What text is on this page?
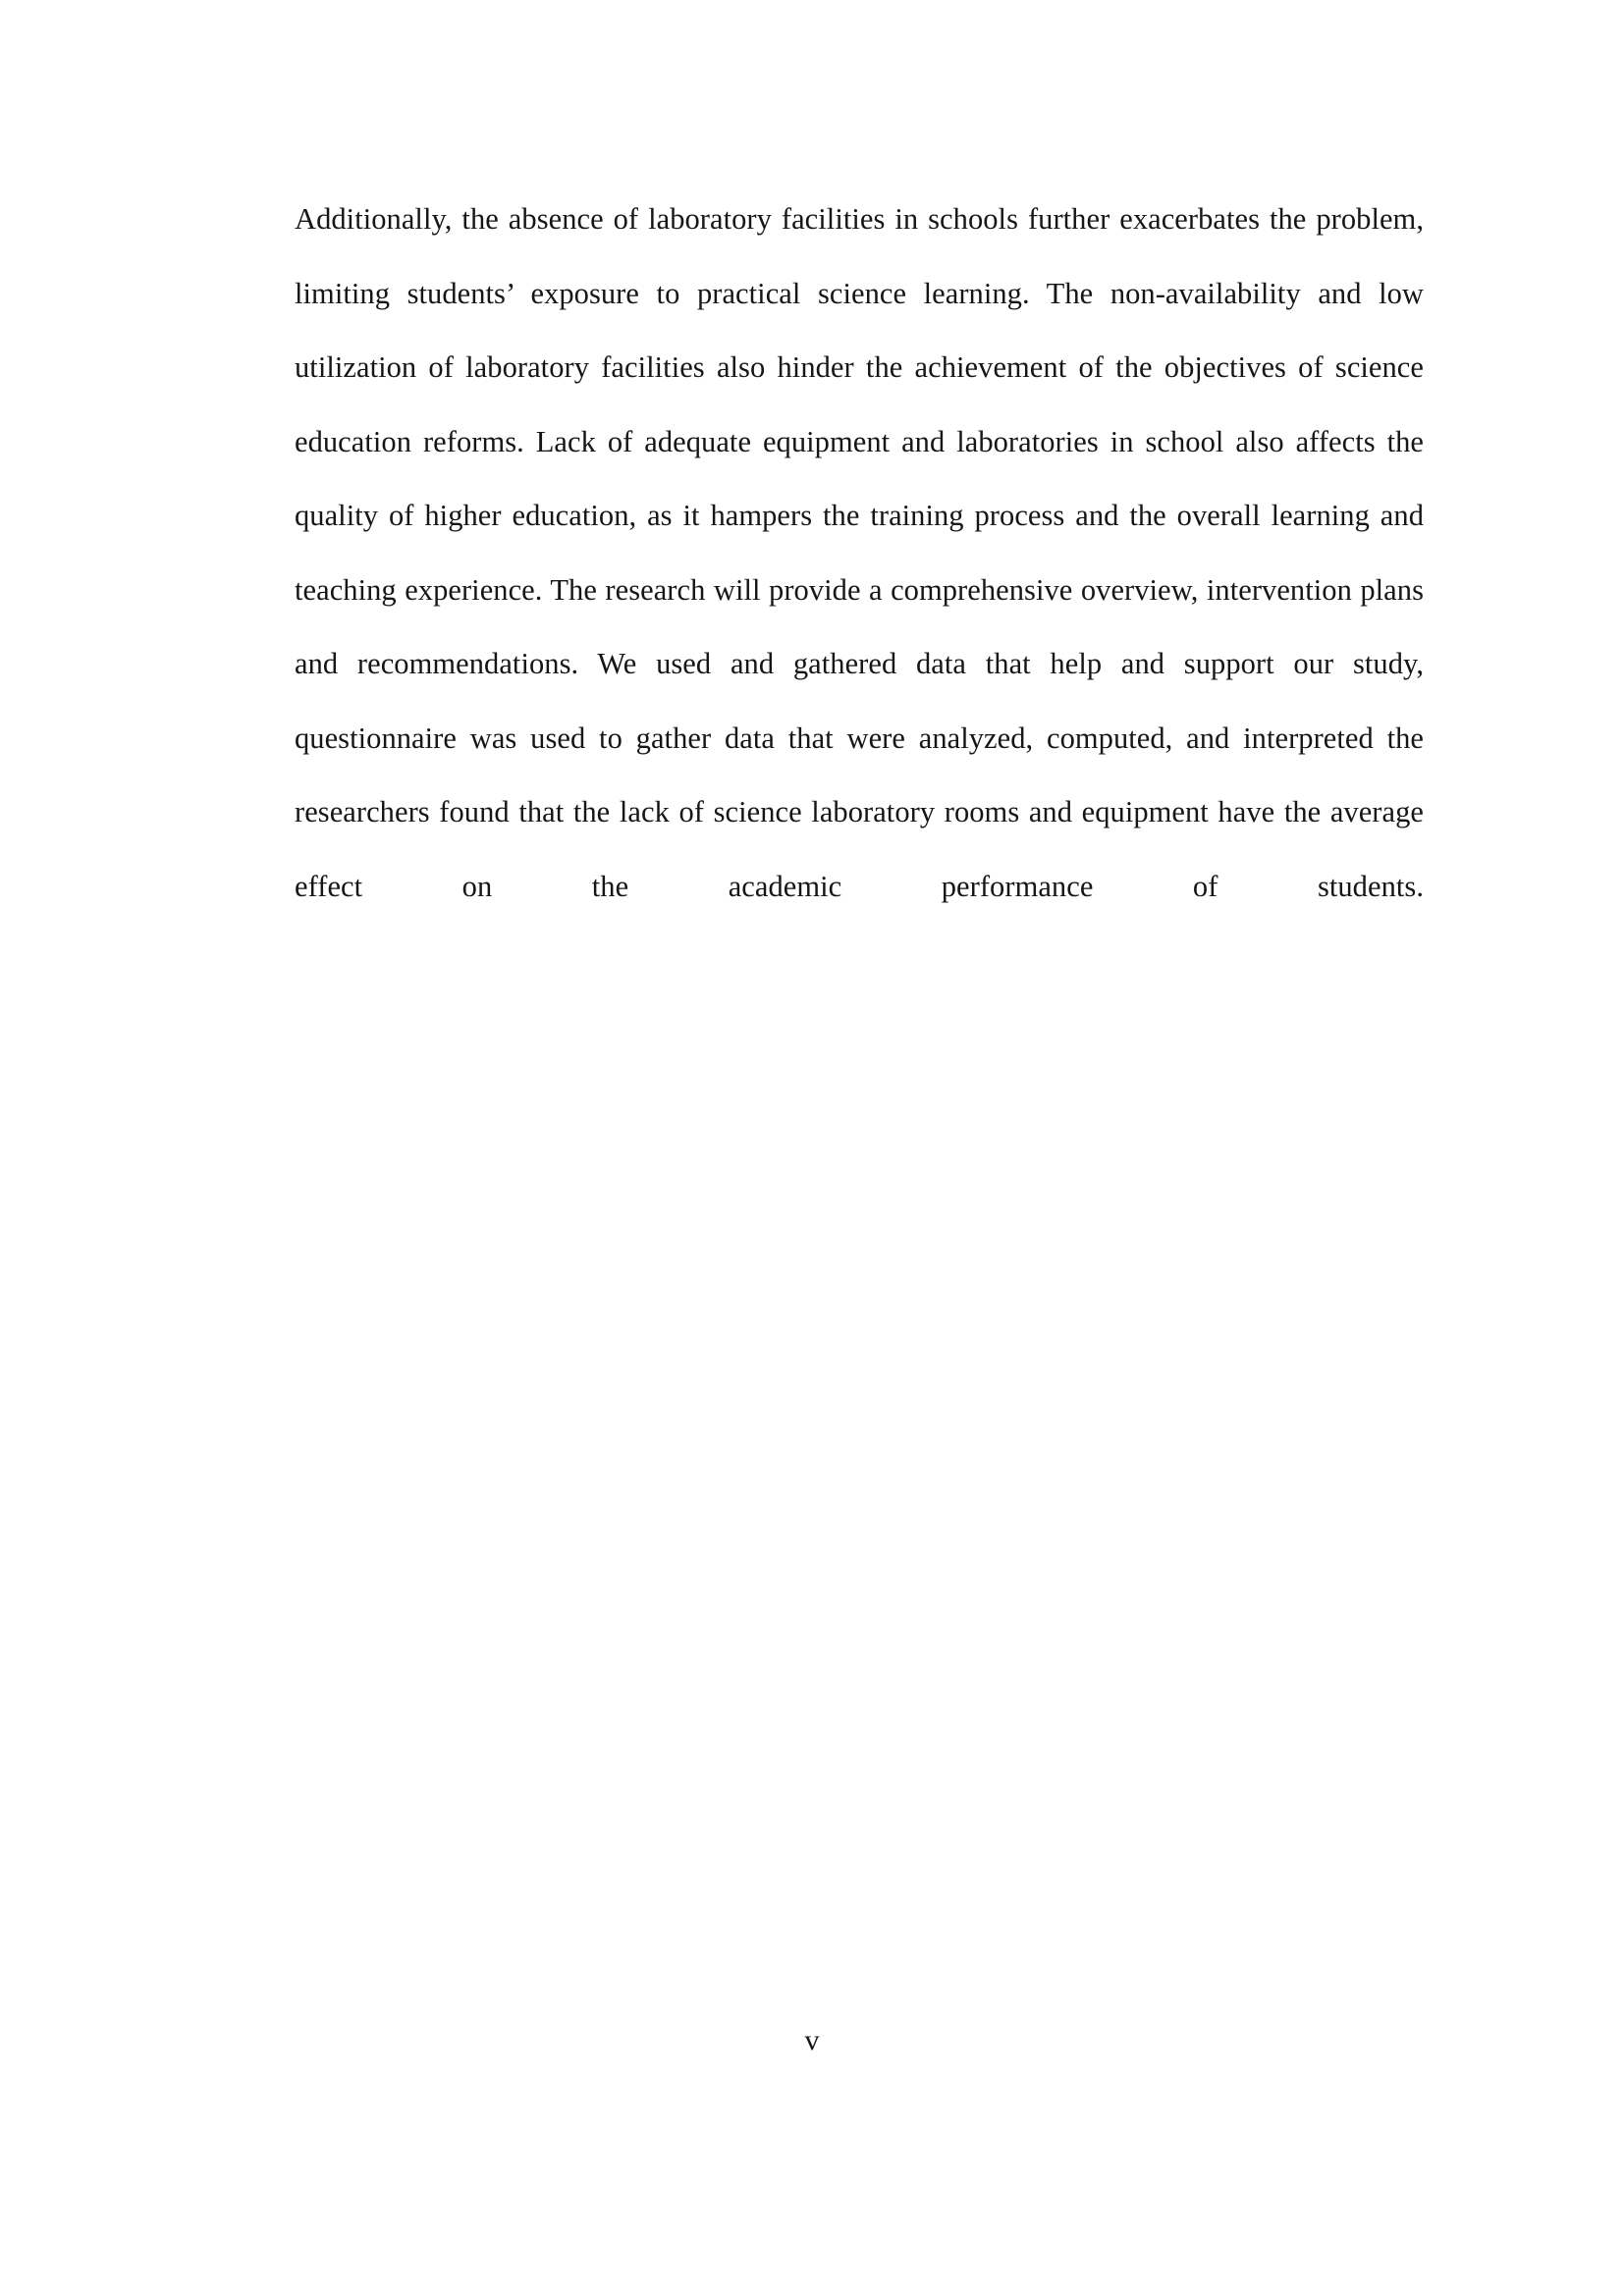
Additionally, the absence of laboratory facilities in schools further exacerbates the problem, limiting students’ exposure to practical science learning. The non-availability and low utilization of laboratory facilities also hinder the achievement of the objectives of science education reforms. Lack of adequate equipment and laboratories in school also affects the quality of higher education, as it hampers the training process and the overall learning and teaching experience. The research will provide a comprehensive overview, intervention plans and recommendations. We used and gathered data that help and support our study, questionnaire was used to gather data that were analyzed, computed, and interpreted the researchers found that the lack of science laboratory rooms and equipment have the average effect on the academic performance of students.

v
